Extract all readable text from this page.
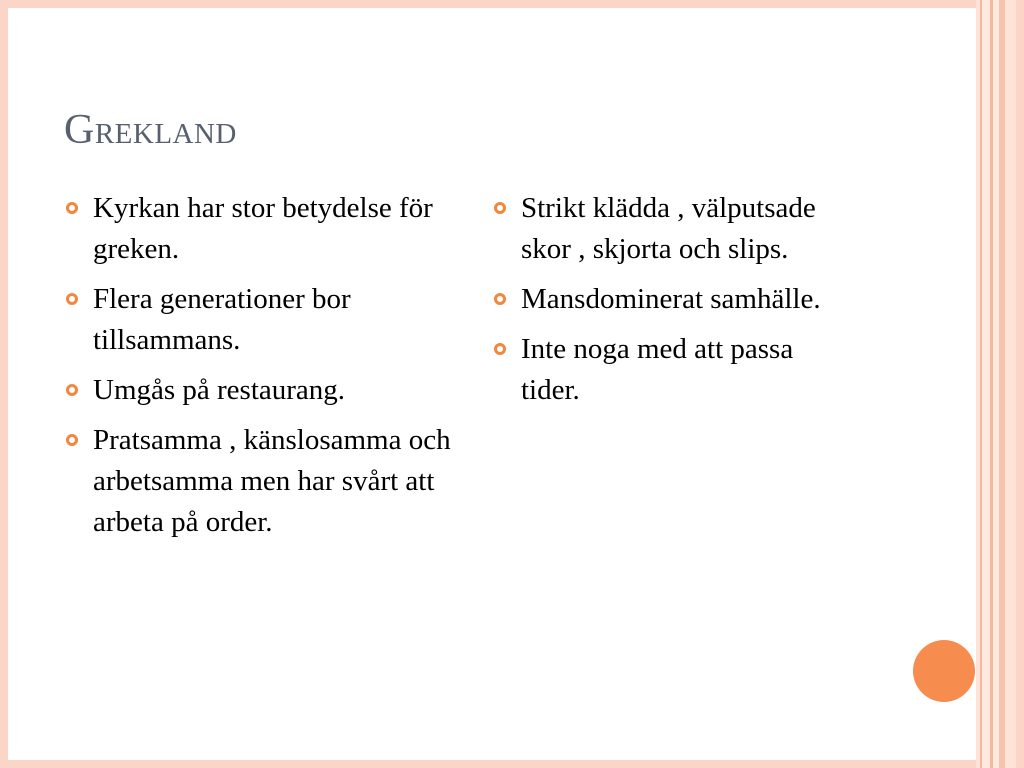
Grekland
Kyrkan har stor betydelse för greken.
Flera generationer bor tillsammans.
Umgås på restaurang.
Pratsamma , känslosamma och arbetsamma men har svårt att arbeta på order.
Strikt klädda , välputsade skor , skjorta och slips.
Mansdominerat samhälle.
Inte noga med att passa tider.
